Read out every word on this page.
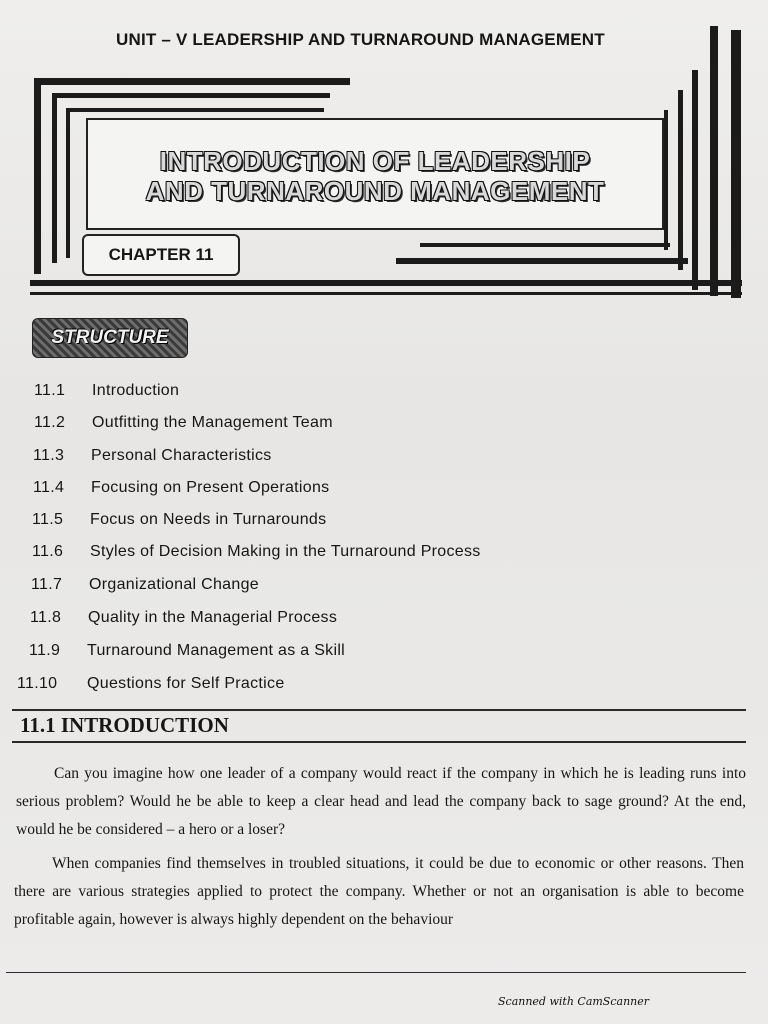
UNIT – V LEADERSHIP AND TURNAROUND MANAGEMENT
INTRODUCTION OF LEADERSHIP
AND TURNAROUND MANAGEMENT
CHAPTER 11
STRUCTURE
11.1 Introduction
11.2 Outfitting the Management Team
11.3 Personal Characteristics
11.4 Focusing on Present Operations
11.5 Focus on Needs in Turnarounds
11.6 Styles of Decision Making in the Turnaround Process
11.7 Organizational Change
11.8 Quality in the Managerial Process
11.9 Turnaround Management as a Skill
11.10 Questions for Self Practice
11.1 INTRODUCTION
Can you imagine how one leader of a company would react if the company in which he is leading runs into serious problem? Would he be able to keep a clear head and lead the company back to sage ground? At the end, would he be considered – a hero or a loser?
When companies find themselves in troubled situations, it could be due to economic or other reasons. Then there are various strategies applied to protect the company. Whether or not an organisation is able to become profitable again, however is always highly dependent on the behaviour
Scanned with CamScanner
